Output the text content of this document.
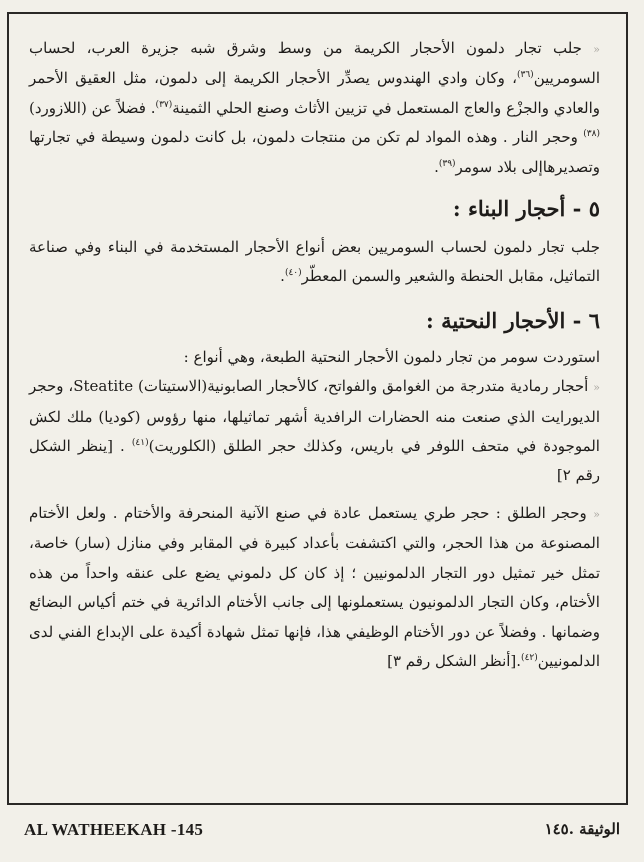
« جلب تجار دلمون الأحجار الكريمة من وسط وشرق شبه جزيرة العرب، لحساب السومريين$^{(٣٦)}$، وكان وادي الهندوس يصدِّر الأحجار الكريمة إلى دلمون، مثل العقيق الأحمر والعادي والجزْع والعاج المستعمل في تزيين الأثاث وصنع الحلي الثمينة$^{(٣٧)}$. فضلاً عن (اللازورد)$^{(٣٨)}$ وحجر النار . وهذه المواد لم تكن من منتجات دلمون، بل كانت دلمون وسيطة في تجارتها وتصديرهاإلى بلاد سومر$^{(٣٩)}$.

٥ - أحجار البناء :

جلب تجار دلمون لحساب السومريين بعض أنواع الأحجار المستخدمة في البناء وفي صناعة التماثيل، مقابل الحنطة والشعير والسمن المعطّر$^{(٤٠)}$.

٦ - الأحجار النحتية :

استوردت سومر من تجار دلمون الأحجار النحتية الطبعة، وهي أنواع :

« أحجار رمادية متدرجة من الغوامق والفواتح، كالأحجار الصابونية(الاستيتات) Steatite، وحجر الديورايت الذي صنعت منه الحضارات الرافدية أشهر تماثيلها، منها رؤوس (كوديا) ملك لكش الموجودة في متحف اللوفر في باريس، وكذلك حجر الطلق (الكلوريت)$^{(٤١)}$ . [ينظر الشكل رقم ٢]

« وحجر الطلق : حجر طري يستعمل عادة في صنع الآنية المنحرفة والأختام . ولعل الأختام المصنوعة من هذا الحجر، والتي اكتشفت بأعداد كبيرة في المقابر وفي منازل (سار) خاصة، تمثل خير تمثيل دور التجار الدلمونيين ؛ إذ كان كل دلموني يضع على عنقه واحداً من هذه الأختام، وكان التجار الدلمونيون يستعملونها إلى جانب الأختام الدائرية في ختم أكياس البضائع وضمانها . وفضلاً عن دور الأختام الوظيفي هذا، فإنها تمثل شهادة أكيدة على الإبداع الفني لدى الدلمونيين$^{(٤٢)}$.[أنظر الشكل رقم ٣]

AL WATHEEKAH -145	الوثيقة .١٤٥
